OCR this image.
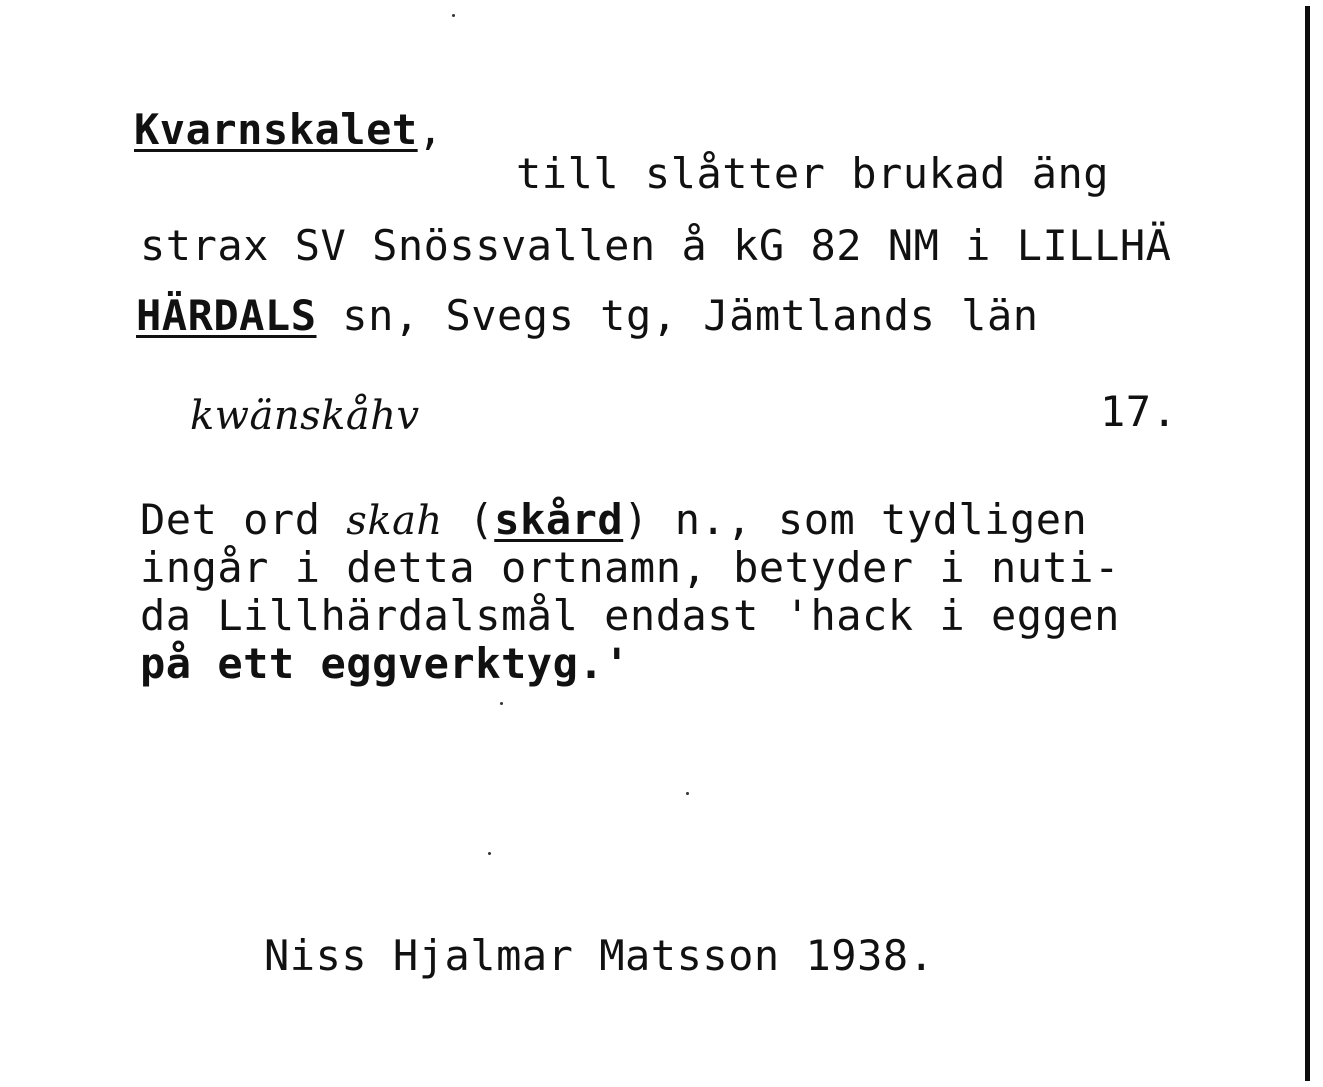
Kvarnskalet,
till slåtter brukad äng
strax SV Snössvallen å kG 82 NM i LILLHÄ
HÄRDALS sn, Svegs tg, Jämtlands län
kwänskåhv	17.
Det ord skah (skård) n., som tydligen
ingår i detta ortnamn, betyder i nuti-
da Lillhärdalsmål endast 'hack i eggen
på ett eggverktyg.'
Niss Hjalmar Matsson 1938.
